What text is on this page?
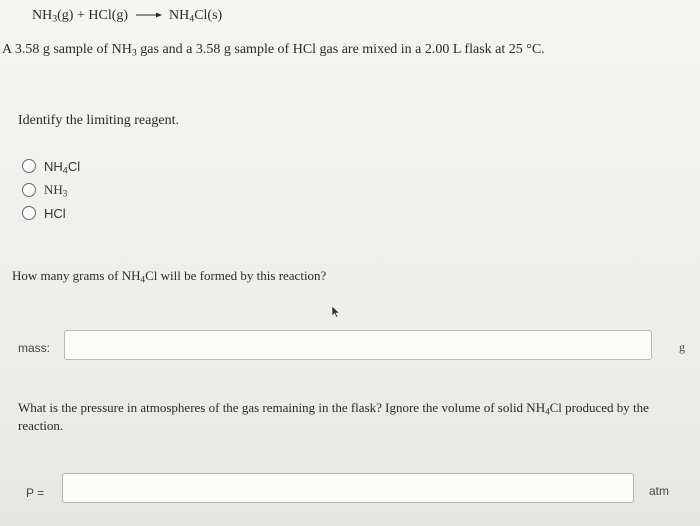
$NH_3(g) + HCl(g) \to NH_4Cl(s)$
A 3.58 g sample of $NH_3$ gas and a 3.58 g sample of HCl gas are mixed in a 2.00 L flask at 25 °C.
Identify the limiting reagent.
$NH_4Cl$
$NH_3$
HCl
How many grams of $NH_4Cl$ will be formed by this reaction?
mass:	g
What is the pressure in atmospheres of the gas remaining in the flask? Ignore the volume of solid $NH_4Cl$ produced by the reaction.
P =	atm
